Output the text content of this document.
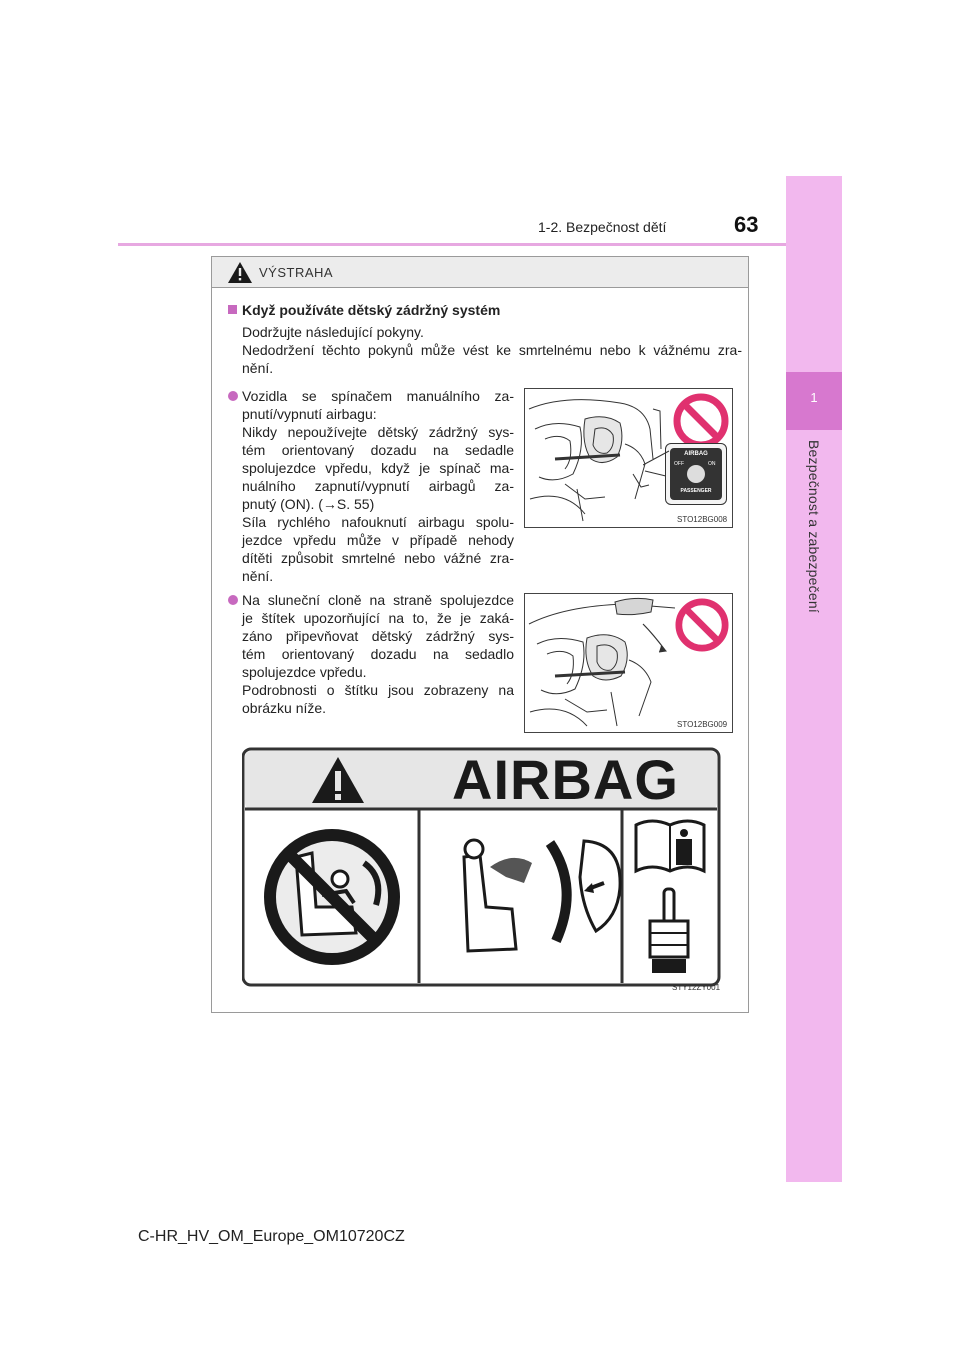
1
Bezpečnost a zabezpečení
1-2. Bezpečnost dětí	63
VÝSTRAHA
Když používáte dětský zádržný systém
Dodržujte následující pokyny.
Nedodržení těchto pokynů může vést ke smrtelnému nebo k vážnému zra-
nění.
Vozidla se spínačem manuálního za-
pnutí/vypnutí airbagu:
Nikdy nepoužívejte dětský zádržný sys-
tém orientovaný dozadu na sedadle
spolujezdce vpředu, když je spínač ma-
nuálního zapnutí/vypnutí airbagů za-
pnutý (ON). (→S. 55)
Síla rychlého nafouknutí airbagu spolu-
jezdce vpředu může v případě nehody
dítěti způsobit smrtelné nebo vážné zra-
nění.
AIRBAG
OFF	ON
PASSENGER
STO12BG008
Na sluneční cloně na straně spolujezdce
je štítek upozorňující na to, že je zaká-
záno připevňovat dětský zádržný sys-
tém orientovaný dozadu na sedadlo
spolujezdce vpředu.
Podrobnosti o štítku jsou zobrazeny na
obrázku níže.
STO12BG009
AIRBAG
STY12ZY001
C-HR_HV_OM_Europe_OM10720CZ
